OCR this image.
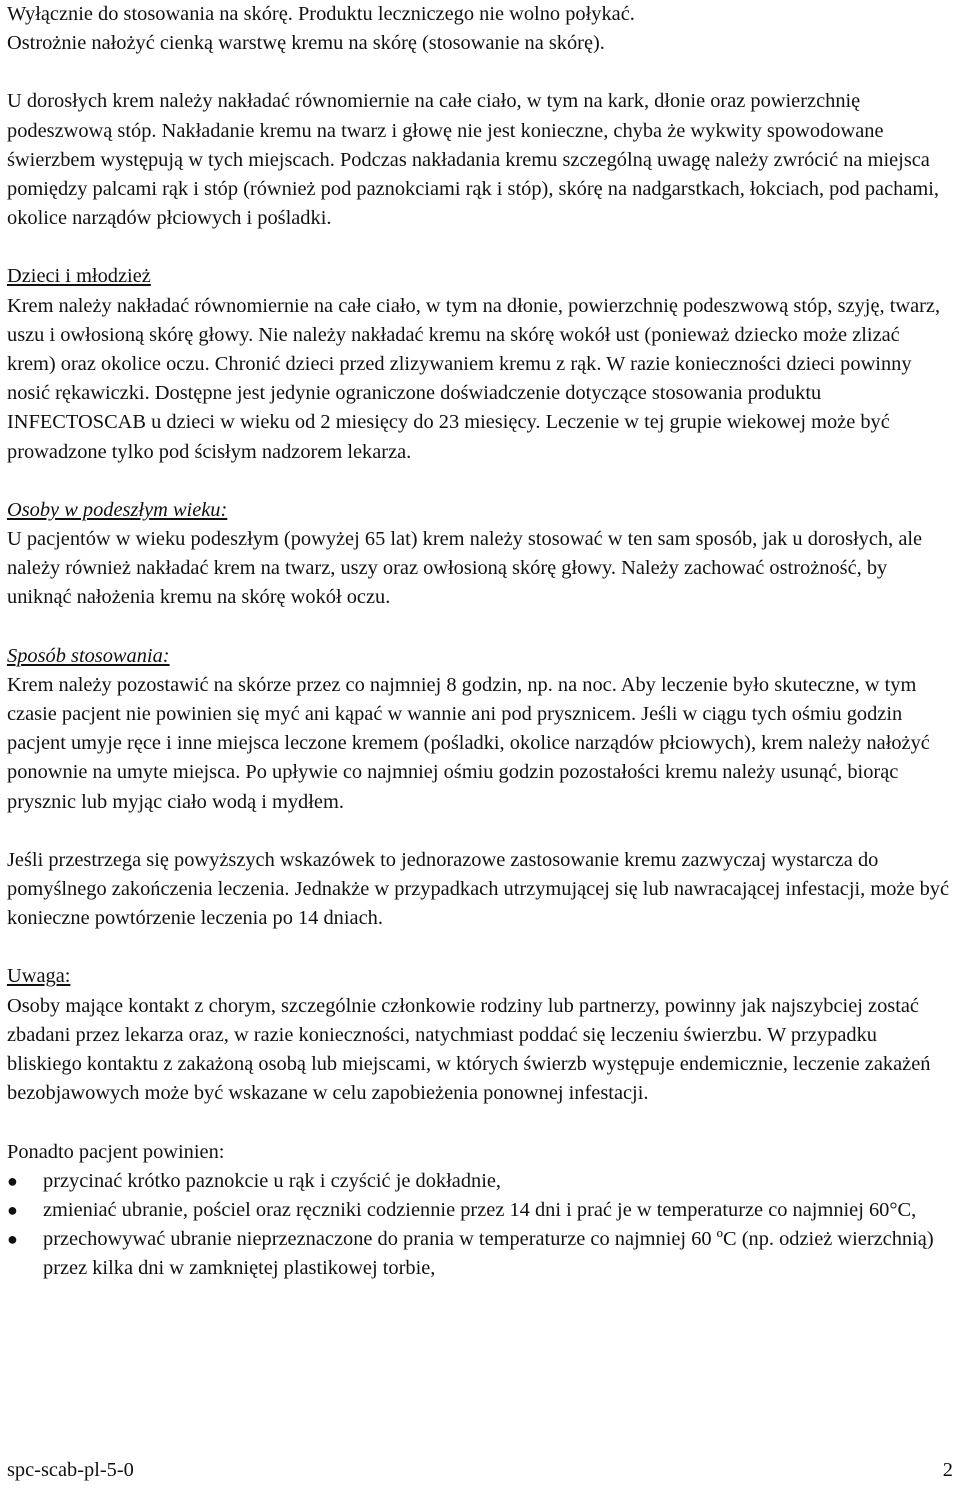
Wyłącznie do stosowania na skórę. Produktu leczniczego nie wolno połykać.

Ostrożnie nałożyć cienką warstwę kremu na skórę (stosowanie na skórę).

U dorosłych krem należy nakładać równomiernie na całe ciało, w tym na kark, dłonie oraz powierzchnię podeszwową stóp. Nakładanie kremu na twarz i głowę nie jest konieczne, chyba że wykwity spowodowane świerzbem występują w tych miejscach. Podczas nakładania kremu szczególną uwagę należy zwrócić na miejsca pomiędzy palcami rąk i stóp (również pod paznokciami rąk i stóp), skórę na nadgarstkach, łokciach, pod pachami, okolice narządów płciowych i pośladki.

Dzieci i młodzież

Krem należy nakładać równomiernie na całe ciało, w tym na dłonie, powierzchnię podeszwową stóp, szyję, twarz, uszu i owłosioną skórę głowy. Nie należy nakładać kremu na skórę wokół ust (ponieważ dziecko może zlizać krem) oraz okolice oczu. Chronić dzieci przed zlizywaniem kremu z rąk. W razie konieczności dzieci powinny nosić rękawiczki. Dostępne jest jedynie ograniczone doświadczenie dotyczące stosowania produktu INFECTOSCAB u dzieci w wieku od 2 miesięcy do 23 miesięcy. Leczenie w tej grupie wiekowej może być prowadzone tylko pod ścisłym nadzorem lekarza.

Osoby w podeszłym wieku:

U pacjentów w wieku podeszłym (powyżej 65 lat) krem należy stosować w ten sam sposób, jak u dorosłych, ale należy również nakładać krem na twarz, uszy oraz owłosioną skórę głowy. Należy zachować ostrożność, by uniknąć nałożenia kremu na skórę wokół oczu.

Sposób stosowania:

Krem należy pozostawić na skórze przez co najmniej 8 godzin, np. na noc. Aby leczenie było skuteczne, w tym czasie pacjent nie powinien się myć ani kąpać w wannie ani pod prysznicem. Jeśli w ciągu tych ośmiu godzin pacjent umyje ręce i inne miejsca leczone kremem (pośladki, okolice narządów płciowych), krem należy nałożyć ponownie na umyte miejsca. Po upływie co najmniej ośmiu godzin pozostałości kremu należy usunąć, biorąc prysznic lub myjąc ciało wodą i mydłem.

Jeśli przestrzega się powyższych wskazówek to jednorazowe zastosowanie kremu zazwyczaj wystarcza do pomyślnego zakończenia leczenia. Jednakże w przypadkach utrzymującej się lub nawracającej infestacji, może być konieczne powtórzenie leczenia po 14 dniach.

Uwaga:

Osoby mające kontakt z chorym, szczególnie członkowie rodziny lub partnerzy, powinny jak najszybciej zostać zbadani przez lekarza oraz, w razie konieczności, natychmiast poddać się leczeniu świerzbu. W przypadku bliskiego kontaktu z zakażoną osobą lub miejscami, w których świerzb występuje endemicznie, leczenie zakażeń bezobjawowych może być wskazane w celu zapobieżenia ponownej infestacji.

Ponadto pacjent powinien:

●	przycinać krótko paznokcie u rąk i czyścić je dokładnie,
●	zmieniać ubranie, pościel oraz ręczniki codziennie przez 14 dni i prać je w temperaturze co najmniej 60°C,
●	przechowywać ubranie nieprzeznaczone do prania w temperaturze co najmniej 60 ºC (np. odzież wierzchnią) przez kilka dni w zamkniętej plastikowej torbie,
spc-scab-pl-5-0	2
